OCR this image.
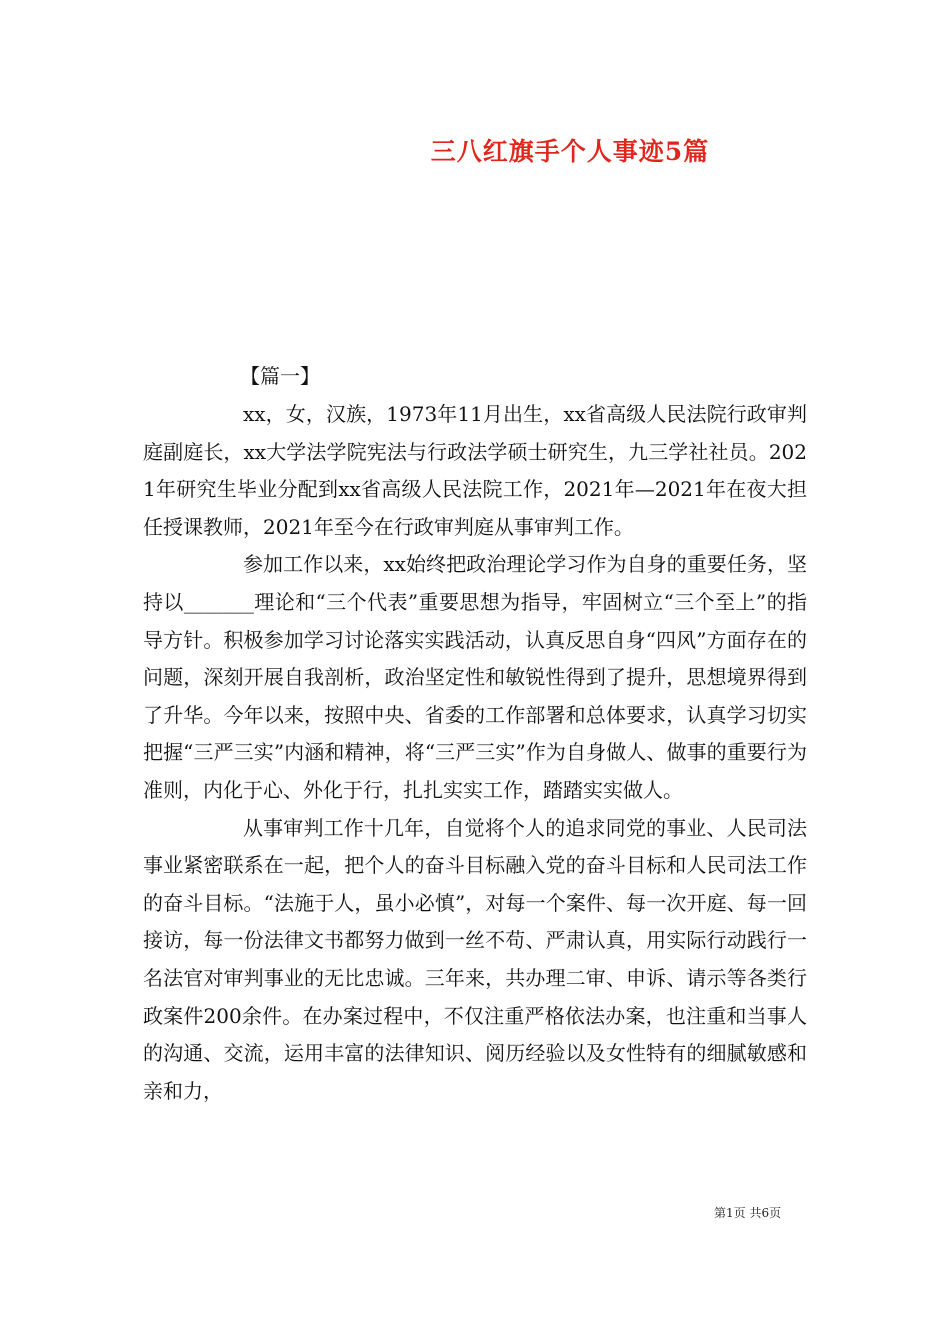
三八红旗手个人事迹5篇
【篇一】

xx，女，汉族，1973年11月出生，xx省高级人民法院行政审判庭副庭长，xx大学法学院宪法与行政法学硕士研究生，九三学社社员。2021年研究生毕业分配到xx省高级人民法院工作，2021年—2021年在夜大担任授课教师，2021年至今在行政审判庭从事审判工作。

参加工作以来，xx始终把政治理论学习作为自身的重要任务，坚持以_______理论和“三个代表”重要思想为指导，牢固树立“三个至上”的指导方针。积极参加学习讨论落实实践活动，认真反思自身“四风”方面存在的问题，深刻开展自我剖析，政治坚定性和敏锐性得到了提升，思想境界得到了升华。今年以来，按照中央、省委的工作部署和总体要求，认真学习切实把握“三严三实”内涵和精神，将“三严三实”作为自身做人、做事的重要行为准则，内化于心、外化于行，扎扎实实工作，踏踏实实做人。

从事审判工作十几年，自觉将个人的追求同党的事业、人民司法事业紧密联系在一起，把个人的奋斗目标融入党的奋斗目标和人民司法工作的奋斗目标。“法施于人，虽小必慎”，对每一个案件、每一次开庭、每一回接访，每一份法律文书都努力做到一丝不苟、严肃认真，用实际行动践行一名法官对审判事业的无比忠诚。三年来，共办理二审、申诉、请示等各类行政案件200余件。在办案过程中，不仅注重严格依法办案，也注重和当事人的沟通、交流，运用丰富的法律知识、阅历经验以及女性特有的细腻敏感和亲和力，

第1页 共6页
